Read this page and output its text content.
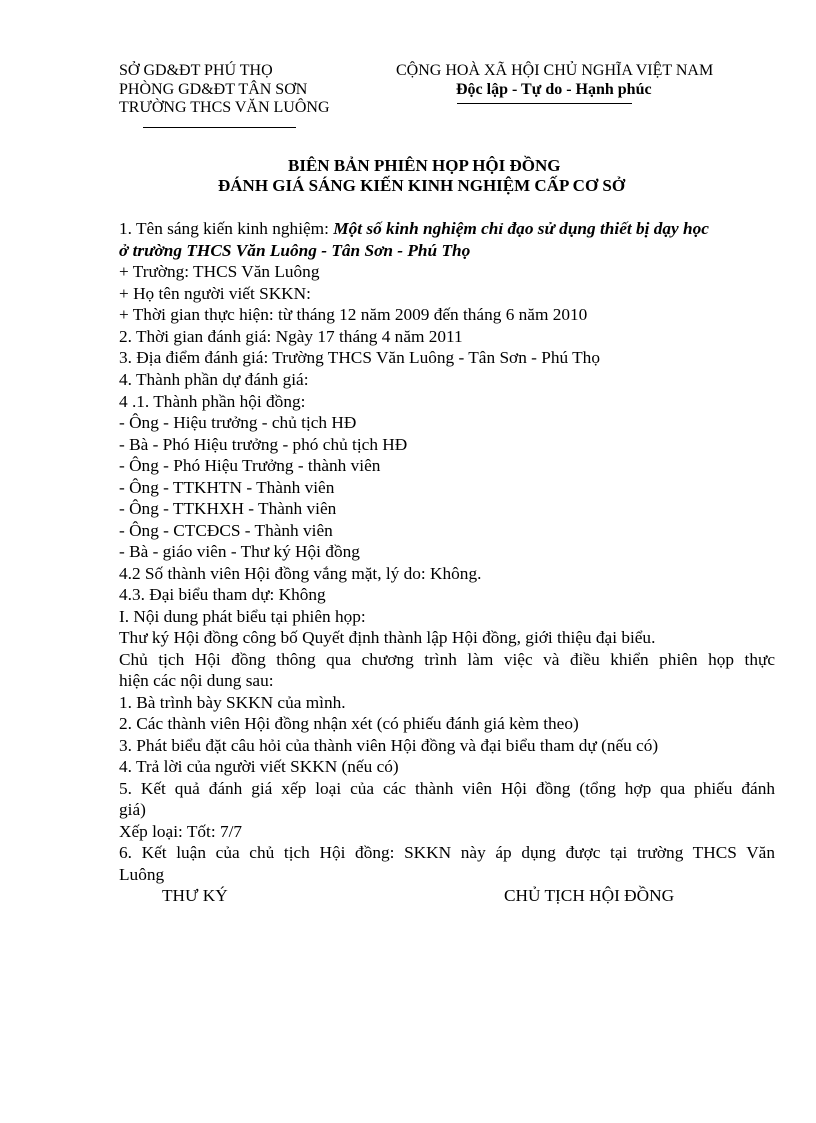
SỞ GD&ĐT PHÚ THỌ
PHÒNG GD&ĐT TÂN SƠN
TRƯỜNG THCS VĂN LUÔNG
CỘNG HOÀ XÃ HỘI CHỦ NGHĨA VIỆT NAM
Độc lập - Tự do - Hạnh phúc
BIÊN BẢN PHIÊN HỌP HỘI ĐỒNG
ĐÁNH GIÁ SÁNG KIẾN KINH NGHIỆM CẤP CƠ SỞ
1. Tên sáng kiến kinh nghiệm: Một số kinh nghiệm chỉ đạo sử dụng thiết bị dạy học
ở trường THCS Văn Luông - Tân Sơn - Phú Thọ
+ Trường: THCS Văn Luông
+ Họ tên người viết SKKN:
+ Thời gian thực hiện: từ tháng 12 năm 2009 đến tháng 6 năm 2010
2. Thời gian đánh giá: Ngày 17 tháng 4 năm 2011
3. Địa điểm đánh giá: Trường THCS Văn Luông - Tân Sơn - Phú Thọ
4. Thành phần dự đánh giá:
4 .1. Thành phần hội đồng:
- Ông - Hiệu trưởng - chủ tịch HĐ
- Bà - Phó Hiệu trưởng - phó chủ tịch HĐ
- Ông - Phó Hiệu Trưởng - thành viên
- Ông - TTKHTN - Thành viên
- Ông - TTKHXH - Thành viên
- Ông - CTCĐCS - Thành viên
- Bà - giáo viên - Thư ký Hội đồng
4.2 Số thành viên Hội đồng vắng mặt, lý do: Không.
4.3. Đại biểu tham dự: Không
I. Nội dung phát biểu tại phiên họp:
Thư ký Hội đồng công bố Quyết định thành lập Hội đồng, giới thiệu đại biểu.
Chủ tịch Hội đồng thông qua chương trình làm việc và điều khiển phiên họp thực
hiện các nội dung sau:
1. Bà trình bày SKKN của mình.
2. Các thành viên Hội đồng nhận xét (có phiếu đánh giá kèm theo)
3. Phát biểu đặt câu hỏi của thành viên Hội đồng và đại biểu tham dự (nếu có)
4. Trả lời của người viết SKKN (nếu có)
5. Kết quả đánh giá xếp loại của các thành viên Hội đồng (tổng hợp qua phiếu đánh
giá)
Xếp loại: Tốt: 7/7
6. Kết luận của chủ tịch Hội đồng: SKKN này áp dụng được tại trường THCS Văn
Luông
THƯ KÝ	CHỦ TỊCH HỘI ĐỒNG
